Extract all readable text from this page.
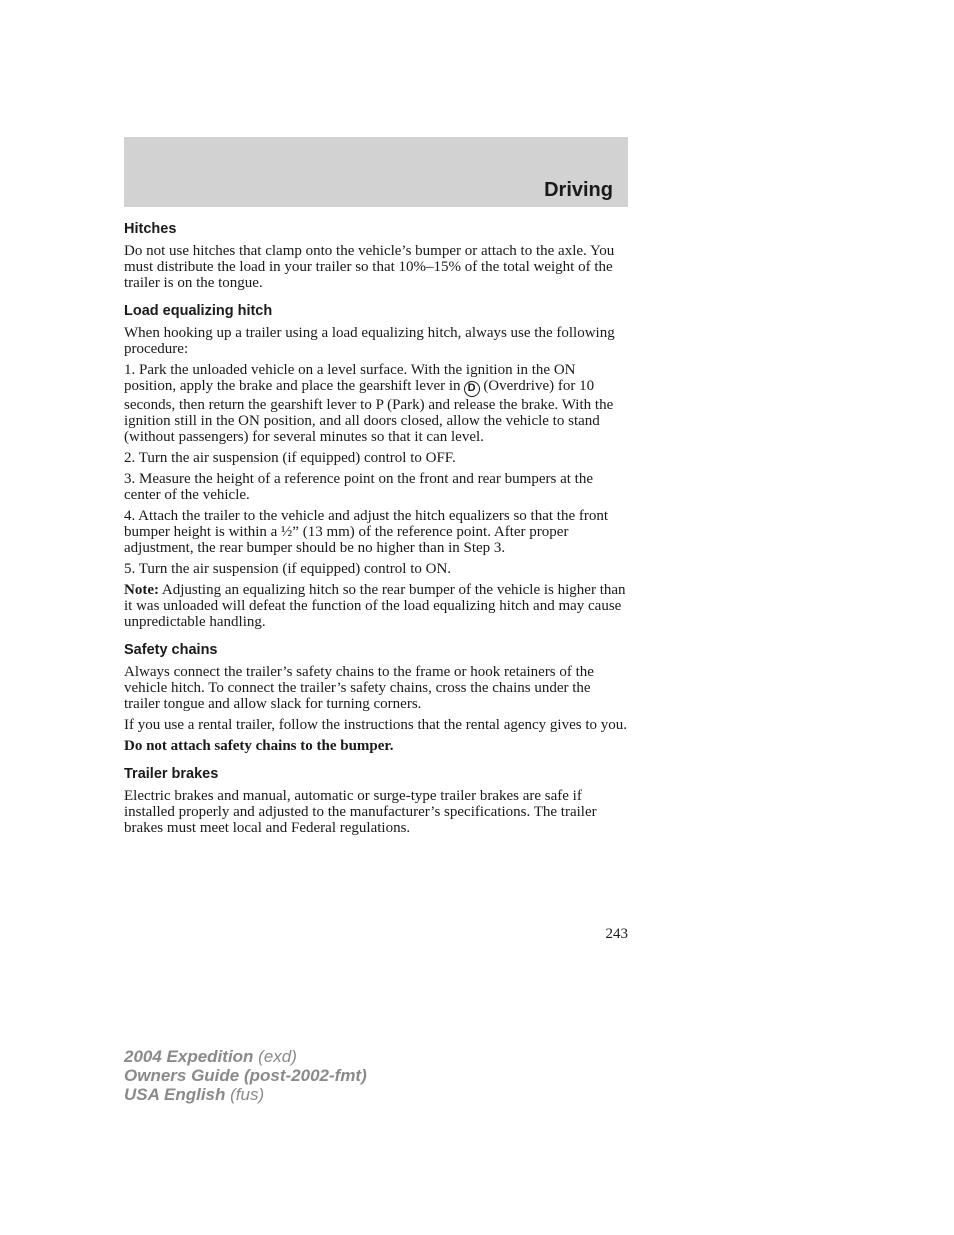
Driving
Hitches

Do not use hitches that clamp onto the vehicle’s bumper or attach to the axle. You must distribute the load in your trailer so that 10%–15% of the total weight of the trailer is on the tongue.

Load equalizing hitch

When hooking up a trailer using a load equalizing hitch, always use the following procedure:

1. Park the unloaded vehicle on a level surface. With the ignition in the ON position, apply the brake and place the gearshift lever in D (Overdrive) for 10 seconds, then return the gearshift lever to P (Park) and release the brake. With the ignition still in the ON position, and all doors closed, allow the vehicle to stand (without passengers) for several minutes so that it can level.

2. Turn the air suspension (if equipped) control to OFF.

3. Measure the height of a reference point on the front and rear bumpers at the center of the vehicle.

4. Attach the trailer to the vehicle and adjust the hitch equalizers so that the front bumper height is within a ½” (13 mm) of the reference point. After proper adjustment, the rear bumper should be no higher than in Step 3.

5. Turn the air suspension (if equipped) control to ON.

Note: Adjusting an equalizing hitch so the rear bumper of the vehicle is higher than it was unloaded will defeat the function of the load equalizing hitch and may cause unpredictable handling.

Safety chains

Always connect the trailer’s safety chains to the frame or hook retainers of the vehicle hitch. To connect the trailer’s safety chains, cross the chains under the trailer tongue and allow slack for turning corners.

If you use a rental trailer, follow the instructions that the rental agency gives to you.

Do not attach safety chains to the bumper.

Trailer brakes

Electric brakes and manual, automatic or surge-type trailer brakes are safe if installed properly and adjusted to the manufacturer’s specifications. The trailer brakes must meet local and Federal regulations.

243
2004 Expedition (exd)
Owners Guide (post-2002-fmt)
USA English (fus)
